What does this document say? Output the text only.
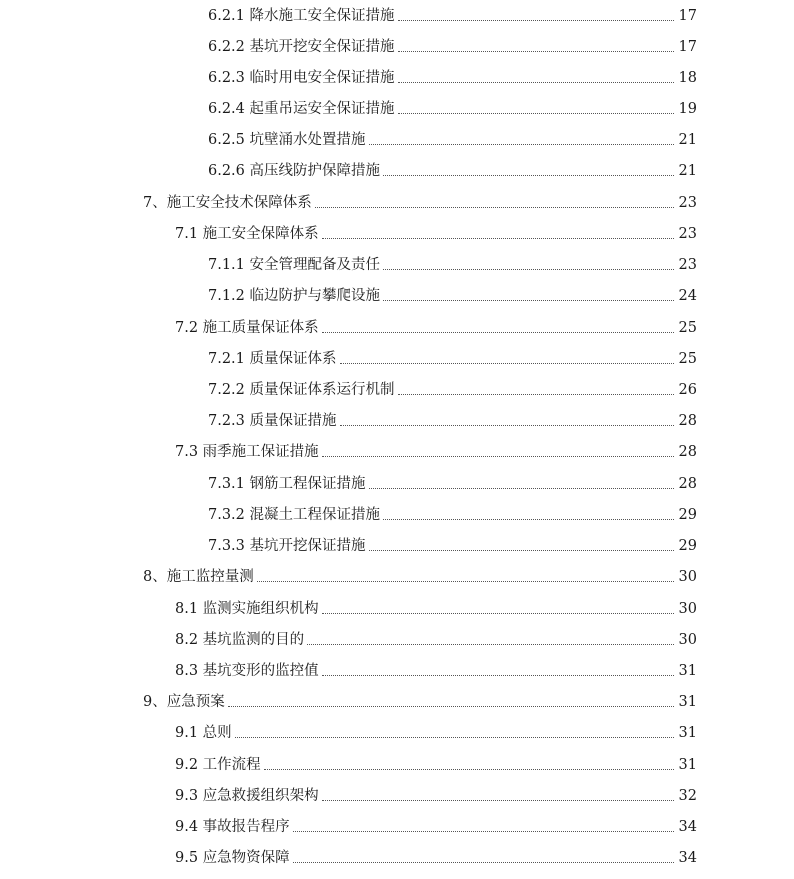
6.2.1 降水施工安全保证措施	17
6.2.2 基坑开挖安全保证措施	17
6.2.3 临时用电安全保证措施	18
6.2.4 起重吊运安全保证措施	19
6.2.5 坑壁涌水处置措施	21
6.2.6 高压线防护保障措施	21
7、施工安全技术保障体系	23
7.1 施工安全保障体系	23
7.1.1 安全管理配备及责任	23
7.1.2 临边防护与攀爬设施	24
7.2 施工质量保证体系	25
7.2.1 质量保证体系	25
7.2.2 质量保证体系运行机制	26
7.2.3 质量保证措施	28
7.3 雨季施工保证措施	28
7.3.1 钢筋工程保证措施	28
7.3.2 混凝土工程保证措施	29
7.3.3 基坑开挖保证措施	29
8、施工监控量测	30
8.1 监测实施组织机构	30
8.2 基坑监测的目的	30
8.3 基坑变形的监控值	31
9、应急预案	31
9.1 总则	31
9.2 工作流程	31
9.3 应急救援组织架构	32
9.4 事故报告程序	34
9.5 应急物资保障	34
